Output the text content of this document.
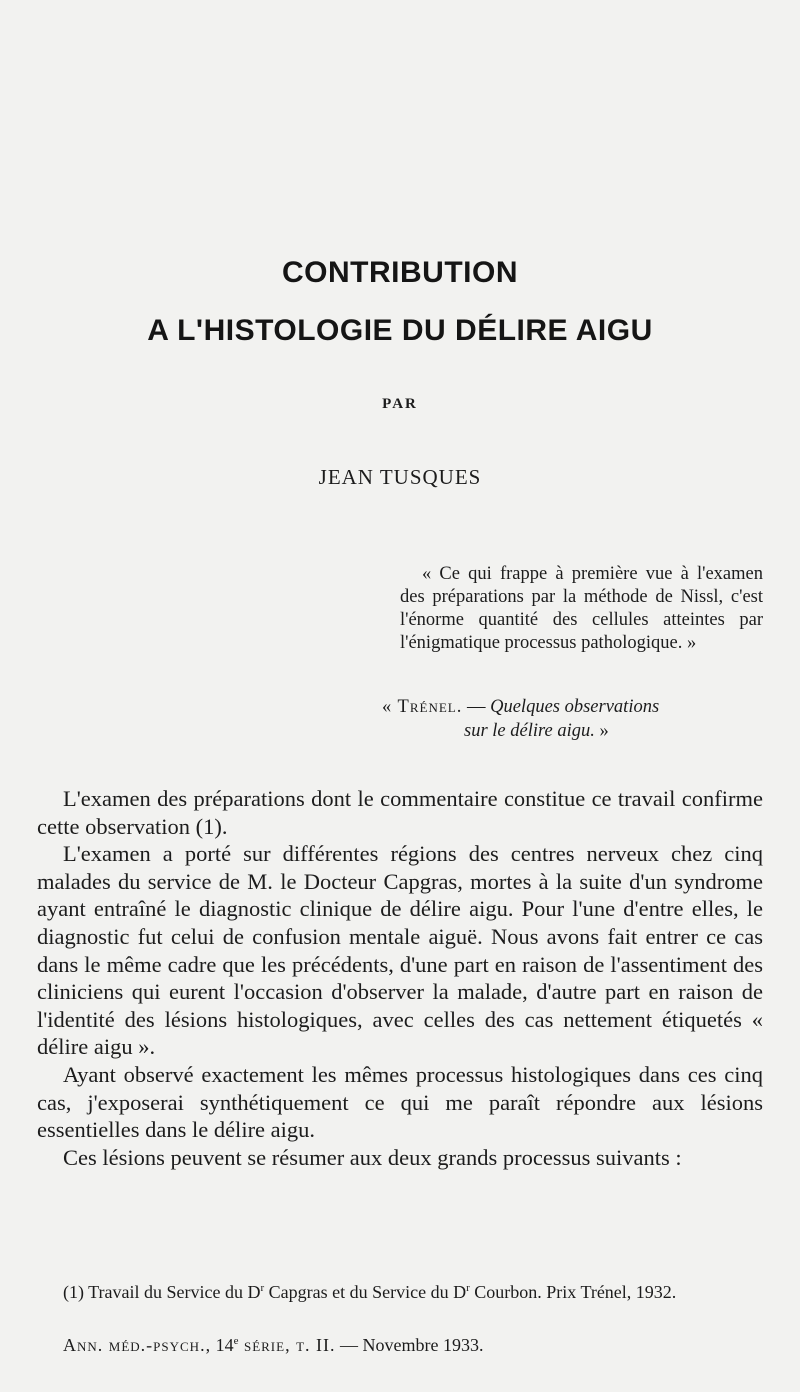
CONTRIBUTION
A L'HISTOLOGIE DU DÉLIRE AIGU
PAR
JEAN TUSQUES

« Ce qui frappe à première vue à l'examen des préparations par la méthode de Nissl, c'est l'énorme quantité des cellules atteintes par l'énigmatique processus pathologique. »

« Trénel. — Quelques observations
sur le délire aigu. »

L'examen des préparations dont le commentaire constitue ce travail confirme cette observation (1).

L'examen a porté sur différentes régions des centres nerveux chez cinq malades du service de M. le Docteur Capgras, mortes à la suite d'un syndrome ayant entraîné le diagnostic clinique de délire aigu. Pour l'une d'entre elles, le diagnostic fut celui de confusion mentale aiguë. Nous avons fait entrer ce cas dans le même cadre que les précédents, d'une part en raison de l'assentiment des cliniciens qui eurent l'occasion d'observer la malade, d'autre part en raison de l'identité des lésions histologiques, avec celles des cas nettement étiquetés « délire aigu ».

Ayant observé exactement les mêmes processus histologiques dans ces cinq cas, j'exposerai synthétiquement ce qui me paraît répondre aux lésions essentielles dans le délire aigu.

Ces lésions peuvent se résumer aux deux grands processus suivants :

(1) Travail du Service du $D^r$ Capgras et du Service du $D^r$ Courbon. Prix Trénel, 1932.

Ann. méd.-psych., 14e série, t. II. — Novembre 1933.
